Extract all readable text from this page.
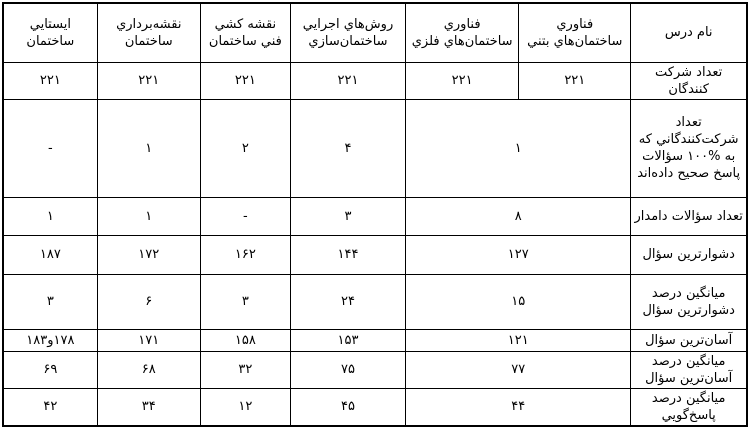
نام درس	فناوري ساختمان‌هاي بتني	فناوري ساختمان‌هاي فلزي	روش‌هاي اجرايي ساختمان‌سازي	نقشه كشي فني ساختمان	نقشه‌برداري ساختمان	ايستايي ساختمان
تعداد شركت كنندگان	۲۲۱	۲۲۱	۲۲۱	۲۲۱	۲۲۱	۲۲۱
تعداد شركت‌كنندگاني كه به %۱۰۰ سؤالات پاسخ صحيح داده‌اند	۱		۴	۲	۱	-
تعداد سؤالات دامدار	۸		۳	-	۱	۱
دشوارترين سؤال	۱۲۷		۱۴۴	۱۶۲	۱۷۲	۱۸۷
ميانگين درصد دشوارترين سؤال	۱۵		۲۴	۳	۶	۳
آسان‌ترين سؤال	۱۲۱		۱۵۳	۱۵۸	۱۷۱	۱۷۸و۱۸۳
ميانگين درصد آسان‌ترين سؤال	۷۷		۷۵	۳۲	۶۸	۶۹
ميانگين درصد پاسخ‌گويي	۴۴		۴۵	۱۲	۳۴	۴۲
